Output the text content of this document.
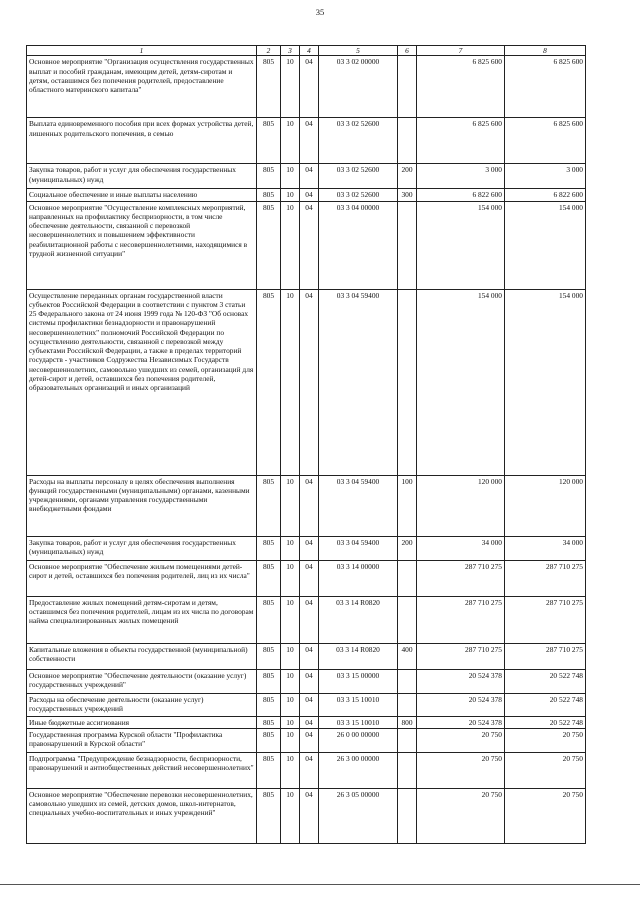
35
1	2	3	4	5	6	7	8
Основное мероприятие "Организация осуществления государственных выплат и пособий гражданам, имеющим детей, детям-сиротам и детям, оставшимся без попечения родителей, предоставление областного материнского капитала"	805	10	04	03 3 02 00000		6 825 600	6 825 600
Выплата единовременного пособия при всех формах устройства детей, лишенных родительского попечения, в семью	805	10	04	03 3 02 52600		6 825 600	6 825 600
Закупка товаров, работ и услуг для обеспечения государственных (муниципальных) нужд	805	10	04	03 3 02 52600	200	3 000	3 000
Социальное обеспечение и иные выплаты населению	805	10	04	03 3 02 52600	300	6 822 600	6 822 600
Основное мероприятие "Осуществление комплексных мероприятий, направленных на профилактику беспризорности, в том числе обеспечение деятельности, связанной с перевозкой несовершеннолетних и повышением эффективности реабилитационной работы с несовершеннолетними, находящимися в трудной жизненной ситуации"	805	10	04	03 3 04 00000		154 000	154 000
Осуществление переданных органам государственной власти субъектов Российской Федерации в соответствии с пунктом 3 статьи 25 Федерального закона от 24 июня 1999 года № 120-ФЗ "Об основах системы профилактики безнадзорности и правонарушений несовершеннолетних" полномочий Российской Федерации по осуществлению деятельности, связанной с перевозкой между субъектами Российской Федерации, а также в пределах территорий государств - участников Содружества Независимых Государств несовершеннолетних, самовольно ушедших из семей, организаций для детей-сирот и детей, оставшихся без попечения родителей, образовательных организаций и иных организаций	805	10	04	03 3 04 59400		154 000	154 000
Расходы на выплаты персоналу в целях обеспечения выполнения функций государственными (муниципальными) органами, казенными учреждениями, органами управления государственными внебюджетными фондами	805	10	04	03 3 04 59400	100	120 000	120 000
Закупка товаров, работ и услуг для обеспечения государственных (муниципальных) нужд	805	10	04	03 3 04 59400	200	34 000	34 000
Основное мероприятие "Обеспечение жильем помещениями детей-сирот и детей, оставшихся без попечения родителей, лиц из их числа"	805	10	04	03 3 14 00000		287 710 275	287 710 275
Предоставление жилых помещений детям-сиротам и детям, оставшимся без попечения родителей, лицам из их числа по договорам найма специализированных жилых помещений	805	10	04	03 3 14 R0820		287 710 275	287 710 275
Капитальные вложения в объекты государственной (муниципальной) собственности	805	10	04	03 3 14 R0820	400	287 710 275	287 710 275
Основное мероприятие "Обеспечение деятельности (оказание услуг) государственных учреждений"	805	10	04	03 3 15 00000		20 524 378	20 522 748
Расходы на обеспечение деятельности (оказание услуг) государственных учреждений	805	10	04	03 3 15 10010		20 524 378	20 522 748
Иные бюджетные ассигнования	805	10	04	03 3 15 10010	800	20 524 378	20 522 748
Государственная программа Курской области "Профилактика правонарушений в Курской области"	805	10	04	26 0 00 00000		20 750	20 750
Подпрограмма "Предупреждение безнадзорности, беспризорности, правонарушений и антиобщественных действий несовершеннолетних"	805	10	04	26 3 00 00000		20 750	20 750
Основное мероприятие "Обеспечение перевозки несовершеннолетних, самовольно ушедших из семей, детских домов, школ-интернатов, специальных учебно-воспитательных и иных учреждений"	805	10	04	26 3 05 00000		20 750	20 750
